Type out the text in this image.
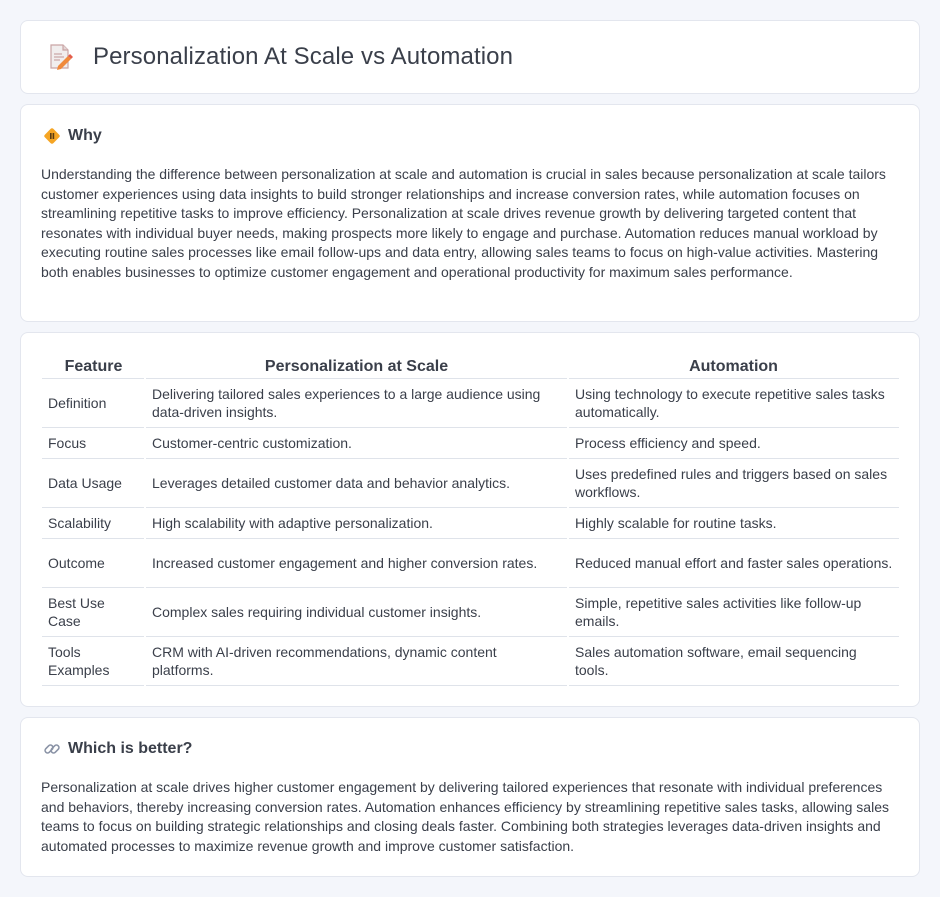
Personalization At Scale vs Automation
Why

Understanding the difference between personalization at scale and automation is crucial in sales because personalization at scale tailors customer experiences using data insights to build stronger relationships and increase conversion rates, while automation focuses on streamlining repetitive tasks to improve efficiency. Personalization at scale drives revenue growth by delivering targeted content that resonates with individual buyer needs, making prospects more likely to engage and purchase. Automation reduces manual workload by executing routine sales processes like email follow-ups and data entry, allowing sales teams to focus on high-value activities. Mastering both enables businesses to optimize customer engagement and operational productivity for maximum sales performance.

Feature	Personalization at Scale	Automation
Definition	Delivering tailored sales experiences to a large audience using data-driven insights.	Using technology to execute repetitive sales tasks automatically.
Focus	Customer-centric customization.	Process efficiency and speed.
Data Usage	Leverages detailed customer data and behavior analytics.	Uses predefined rules and triggers based on sales workflows.
Scalability	High scalability with adaptive personalization.	Highly scalable for routine tasks.
Outcome	Increased customer engagement and higher conversion rates.	Reduced manual effort and faster sales operations.
Best Use Case	Complex sales requiring individual customer insights.	Simple, repetitive sales activities like follow-up emails.
Tools Examples	CRM with AI-driven recommendations, dynamic content platforms.	Sales automation software, email sequencing tools.
Which is better?

Personalization at scale drives higher customer engagement by delivering tailored experiences that resonate with individual preferences and behaviors, thereby increasing conversion rates. Automation enhances efficiency by streamlining repetitive sales tasks, allowing sales teams to focus on building strategic relationships and closing deals faster. Combining both strategies leverages data-driven insights and automated processes to maximize revenue growth and improve customer satisfaction.
